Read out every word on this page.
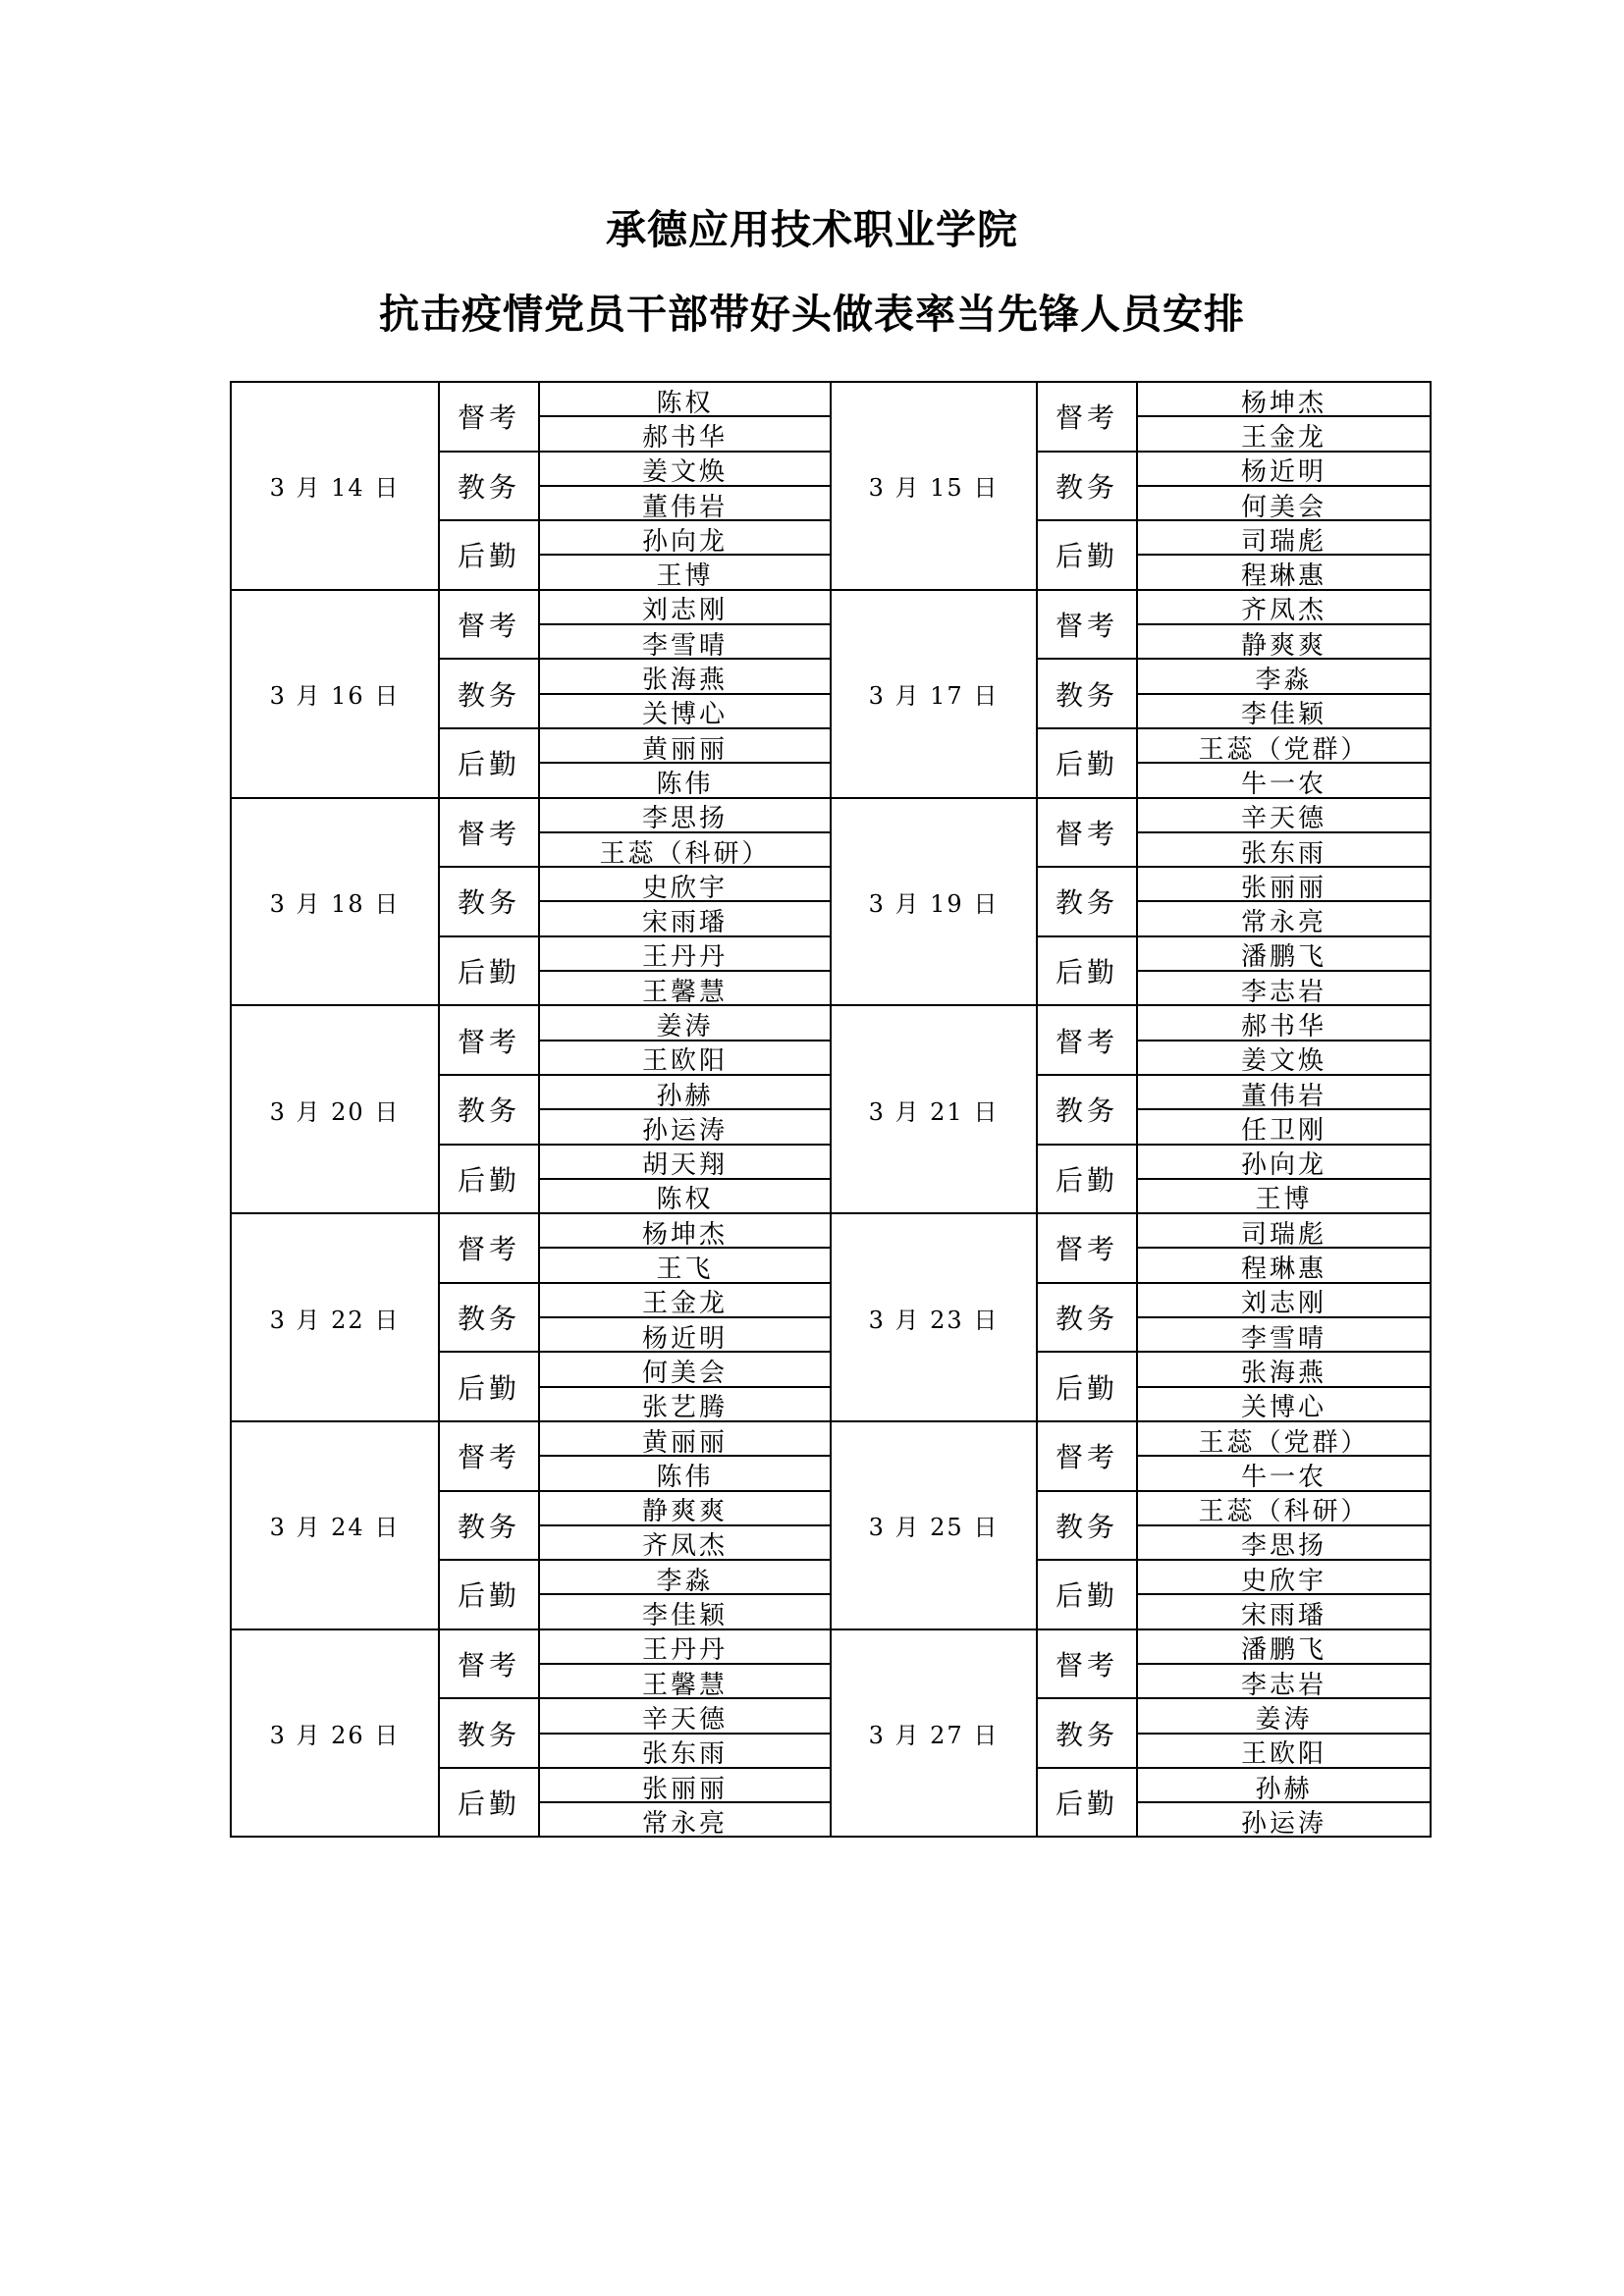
承德应用技术职业学院
抗击疫情党员干部带好头做表率当先锋人员安排
3 月 14 日	督考	陈权	3 月 15 日	督考	杨坤杰
		郝书华			王金龙
	教务	姜文焕		教务	杨近明
		董伟岩			何美会
	后勤	孙向龙		后勤	司瑞彪
		王博			程琳惠
3 月 16 日	督考	刘志刚	3 月 17 日	督考	齐凤杰
		李雪晴			静爽爽
	教务	张海燕		教务	李淼
		关博心			李佳颖
	后勤	黄丽丽		后勤	王蕊（党群）
		陈伟			牛一农
3 月 18 日	督考	李思扬	3 月 19 日	督考	辛天德
		王蕊（科研）			张东雨
	教务	史欣宇		教务	张丽丽
		宋雨璠			常永亮
	后勤	王丹丹		后勤	潘鹏飞
		王馨慧			李志岩
3 月 20 日	督考	姜涛	3 月 21 日	督考	郝书华
		王欧阳			姜文焕
	教务	孙赫		教务	董伟岩
		孙运涛			任卫刚
	后勤	胡天翔		后勤	孙向龙
		陈权			王博
3 月 22 日	督考	杨坤杰	3 月 23 日	督考	司瑞彪
		王飞			程琳惠
	教务	王金龙		教务	刘志刚
		杨近明			李雪晴
	后勤	何美会		后勤	张海燕
		张艺腾			关博心
3 月 24 日	督考	黄丽丽	3 月 25 日	督考	王蕊（党群）
		陈伟			牛一农
	教务	静爽爽		教务	王蕊（科研）
		齐凤杰			李思扬
	后勤	李淼		后勤	史欣宇
		李佳颖			宋雨璠
3 月 26 日	督考	王丹丹	3 月 27 日	督考	潘鹏飞
		王馨慧			李志岩
	教务	辛天德		教务	姜涛
		张东雨			王欧阳
	后勤	张丽丽		后勤	孙赫
		常永亮			孙运涛
